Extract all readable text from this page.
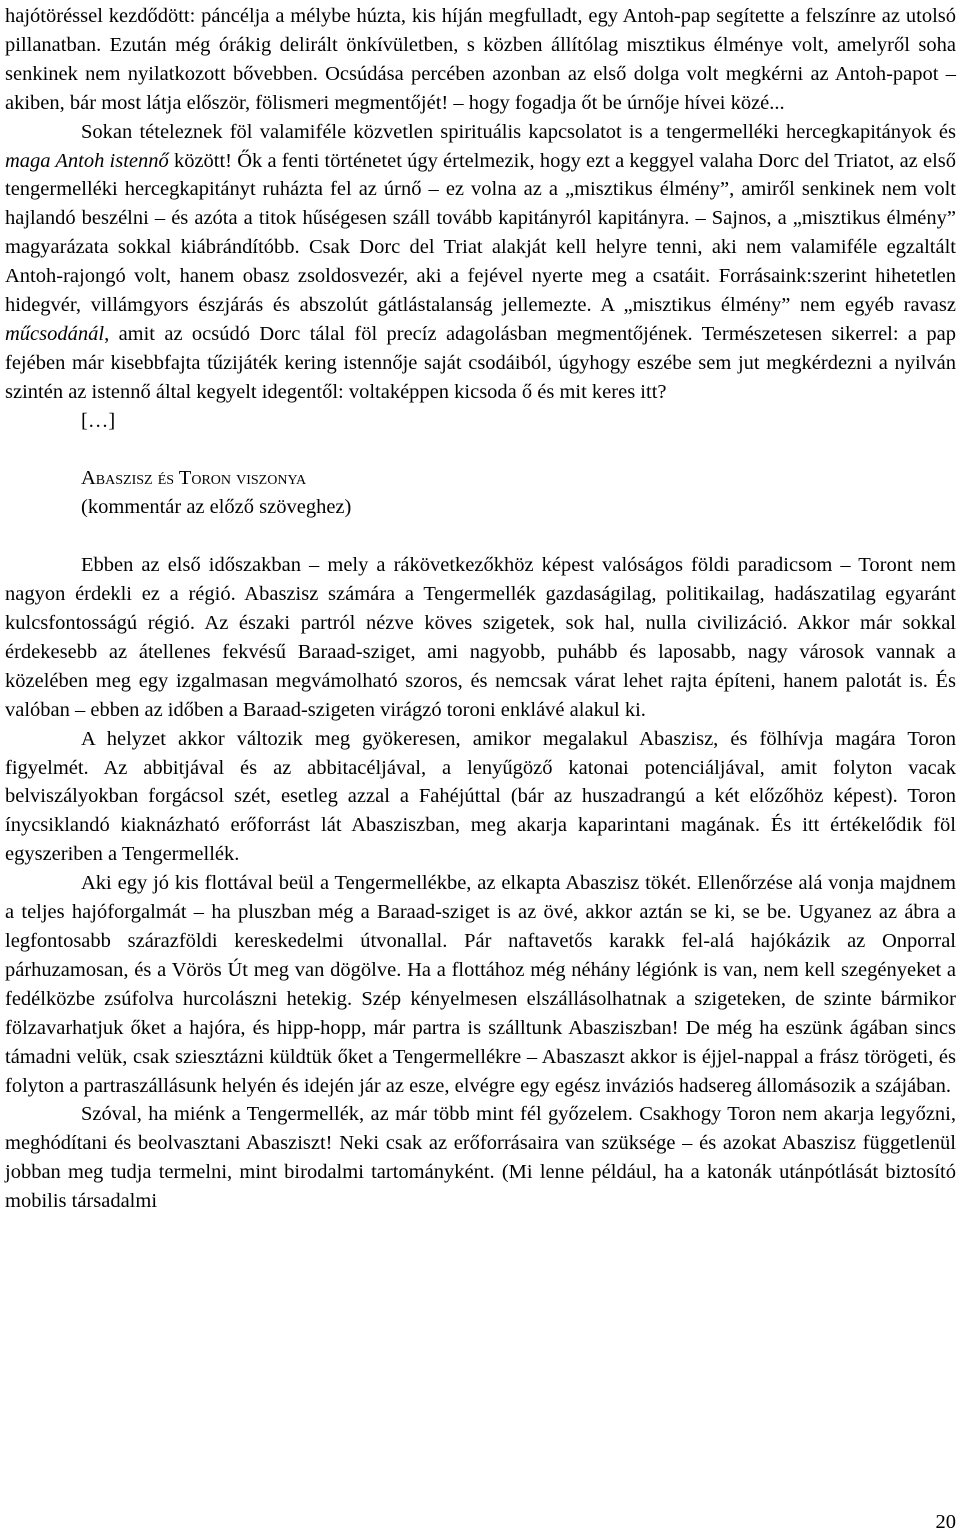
hajótöréssel kezdődött: páncélja a mélybe húzta, kis híján megfulladt, egy Antoh-pap segítette a felszínre az utolsó pillanatban. Ezután még órákig delirált önkívületben, s közben állítólag misztikus élménye volt, amelyről soha senkinek nem nyilatkozott bővebben. Ocsúdása percében azonban az első dolga volt megkérni az Antoh-papot – akiben, bár most látja először, fölismeri megmentőjét! – hogy fogadja őt be úrnője hívei közé...

Sokan tételeznek föl valamiféle közvetlen spirituális kapcsolatot is a tengermelléki hercegkapitányok és maga Antoh istennő között! Ők a fenti történetet úgy értelmezik, hogy ezt a keggyel valaha Dorc del Triatot, az első tengermelléki hercegkapitányt ruházta fel az úrnő – ez volna az a „misztikus élmény”, amiről senkinek nem volt hajlandó beszélni – és azóta a titok hűségesen száll tovább kapitányról kapitányra. – Sajnos, a „misztikus élmény” magyarázata sokkal kiábrándítóbb. Csak Dorc del Triat alakját kell helyre tenni, aki nem valamiféle egzaltált Antoh-rajongó volt, hanem obasz zsoldosvezér, aki a fejével nyerte meg a csatáit. Forrásaink:szerint hihetetlen hidegvér, villámgyors észjárás és abszolút gátlástalanság jellemezte. A „misztikus élmény” nem egyéb ravasz műcsodánál, amit az ocsúdó Dorc tálal föl precíz adagolásban megmentőjének. Természetesen sikerrel: a pap fejében már kisebbfajta tűzijáték kering istennője saját csodáiból, úgyhogy eszébe sem jut megkérdezni a nyilván szintén az istennő által kegyelt idegentől: voltaképpen kicsoda ő és mit keres itt?

[…]

Abaszisz és Toron viszonya

(kommentár az előző szöveghez)

Ebben az első időszakban – mely a rákövetkezőkhöz képest valóságos földi paradicsom – Toront nem nagyon érdekli ez a régió. Abaszisz számára a Tengermellék gazdaságilag, politikailag, hadászatilag egyaránt kulcsfontosságú régió. Az északi partról nézve köves szigetek, sok hal, nulla civilizáció. Akkor már sokkal érdekesebb az átellenes fekvésű Baraad-sziget, ami nagyobb, puhább és laposabb, nagy városok vannak a közelében meg egy izgalmasan megvámolható szoros, és nemcsak várat lehet rajta építeni, hanem palotát is. És valóban – ebben az időben a Baraad-szigeten virágzó toroni enklávé alakul ki.

A helyzet akkor változik meg gyökeresen, amikor megalakul Abaszisz, és fölhívja magára Toron figyelmét. Az abbitjával és az abbitacéljával, a lenyűgöző katonai potenciáljával, amit folyton vacak belviszályokban forgácsol szét, esetleg azzal a Fahéjúttal (bár az huszadrangú a két előzőhöz képest). Toron ínycsiklandó kiaknázható erőforrást lát Abasziszban, meg akarja kaparintani magának. És itt értékelődik föl egyszeriben a Tengermellék.

Aki egy jó kis flottával beül a Tengermellékbe, az elkapta Abaszisz tökét. Ellenőrzése alá vonja majdnem a teljes hajóforgalmát – ha pluszban még a Baraad-sziget is az övé, akkor aztán se ki, se be. Ugyanez az ábra a legfontosabb szárazföldi kereskedelmi útvonallal. Pár naftavetős karakk fel-alá hajókázik az Onporral párhuzamosan, és a Vörös Út meg van dögölve. Ha a flottához még néhány légiónk is van, nem kell szegényeket a fedélközbe zsúfolva hurcolászni hetekig. Szép kényelmesen elszállásolhatnak a szigeteken, de szinte bármikor fölzavarhatjuk őket a hajóra, és hipp-hopp, már partra is szálltunk Abasziszban! De még ha eszünk ágában sincs támadni velük, csak sziesztázni küldtük őket a Tengermellékre – Abaszaszt akkor is éjjel-nappal a frász törögeti, és folyton a partraszállásunk helyén és idején jár az esze, elvégre egy egész inváziós hadsereg állomásozik a szájában.

Szóval, ha miénk a Tengermellék, az már több mint fél győzelem. Csakhogy Toron nem akarja legyőzni, meghódítani és beolvasztani Abasziszt! Neki csak az erőforrásaira van szüksége – és azokat Abaszisz függetlenül jobban meg tudja termelni, mint birodalmi tartományként. (Mi lenne például, ha a katonák utánpótlását biztosító mobilis társadalmi

20
